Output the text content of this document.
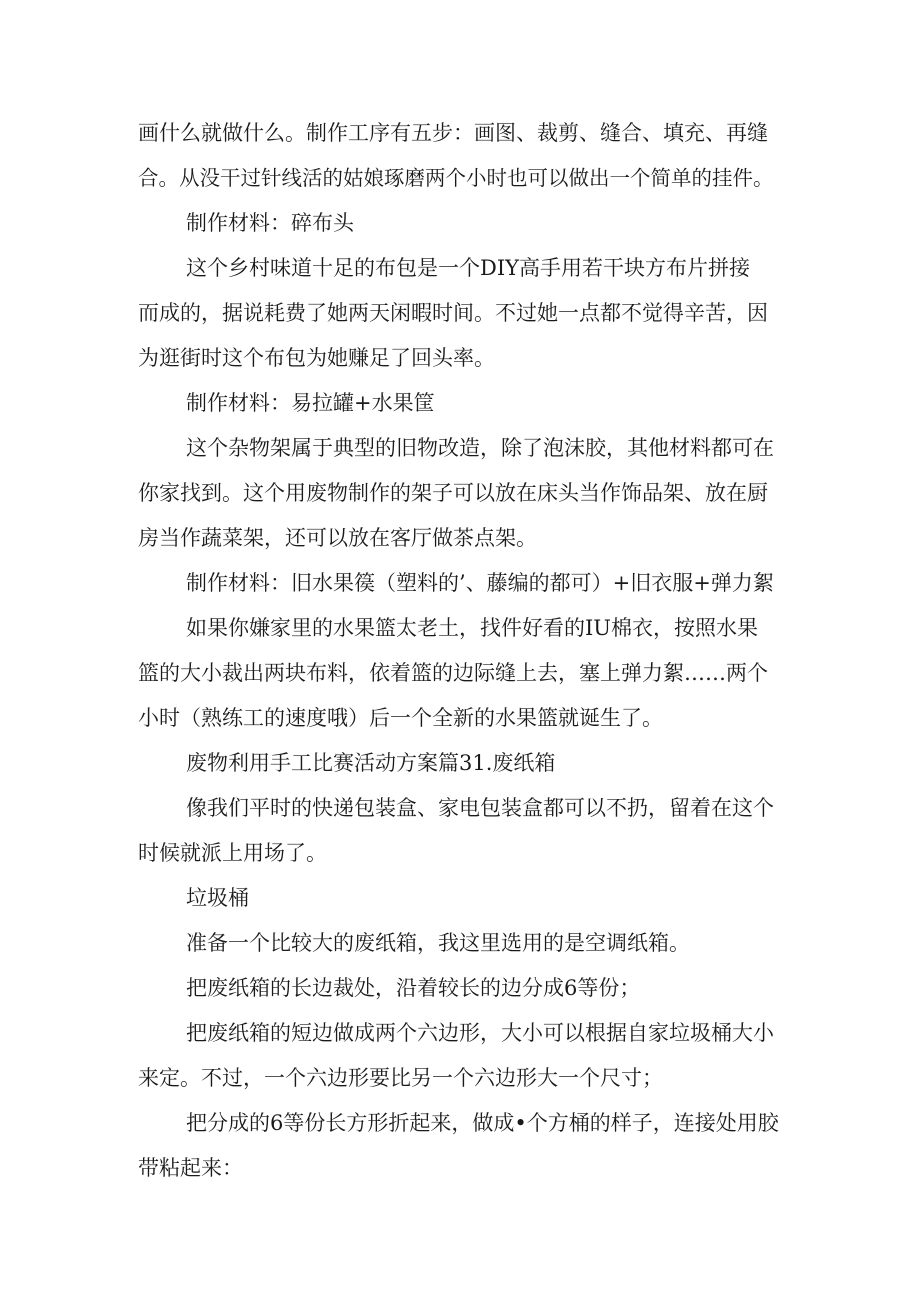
画什么就做什么。制作工序有五步：画图、裁剪、缝合、填充、再缝

合。从没干过针线活的姑娘琢磨两个小时也可以做出一个简单的挂件。

制作材料：碎布头

这个乡村味道十足的布包是一个DIY高手用若干块方布片拼接

而成的，据说耗费了她两天闲暇时间。不过她一点都不觉得辛苦，因

为逛街时这个布包为她赚足了回头率。

制作材料：易拉罐+水果筐

这个杂物架属于典型的旧物改造，除了泡沫胶，其他材料都可在

你家找到。这个用废物制作的架子可以放在床头当作饰品架、放在厨

房当作蔬菜架，还可以放在客厅做茶点架。

制作材料：旧水果篌（塑料的’、藤编的都可）+旧衣服+弹力絮

如果你嫌家里的水果篮太老土，找件好看的IU棉衣，按照水果

篮的大小裁出两块布料，依着篮的边际缝上去，塞上弹力絮……两个

小时（熟练工的速度哦）后一个全新的水果篮就诞生了。

废物利用手工比赛活动方案篇31.废纸箱

像我们平时的快递包装盒、家电包装盒都可以不扔，留着在这个

时候就派上用场了。

垃圾桶

准备一个比较大的废纸箱，我这里选用的是空调纸箱。

把废纸箱的长边裁处，沿着较长的边分成6等份；

把废纸箱的短边做成两个六边形，大小可以根据自家垃圾桶大小

来定。不过，一个六边形要比另一个六边形大一个尺寸；

把分成的6等份长方形折起来，做成•个方桶的样子，连接处用胶

带粘起来：
